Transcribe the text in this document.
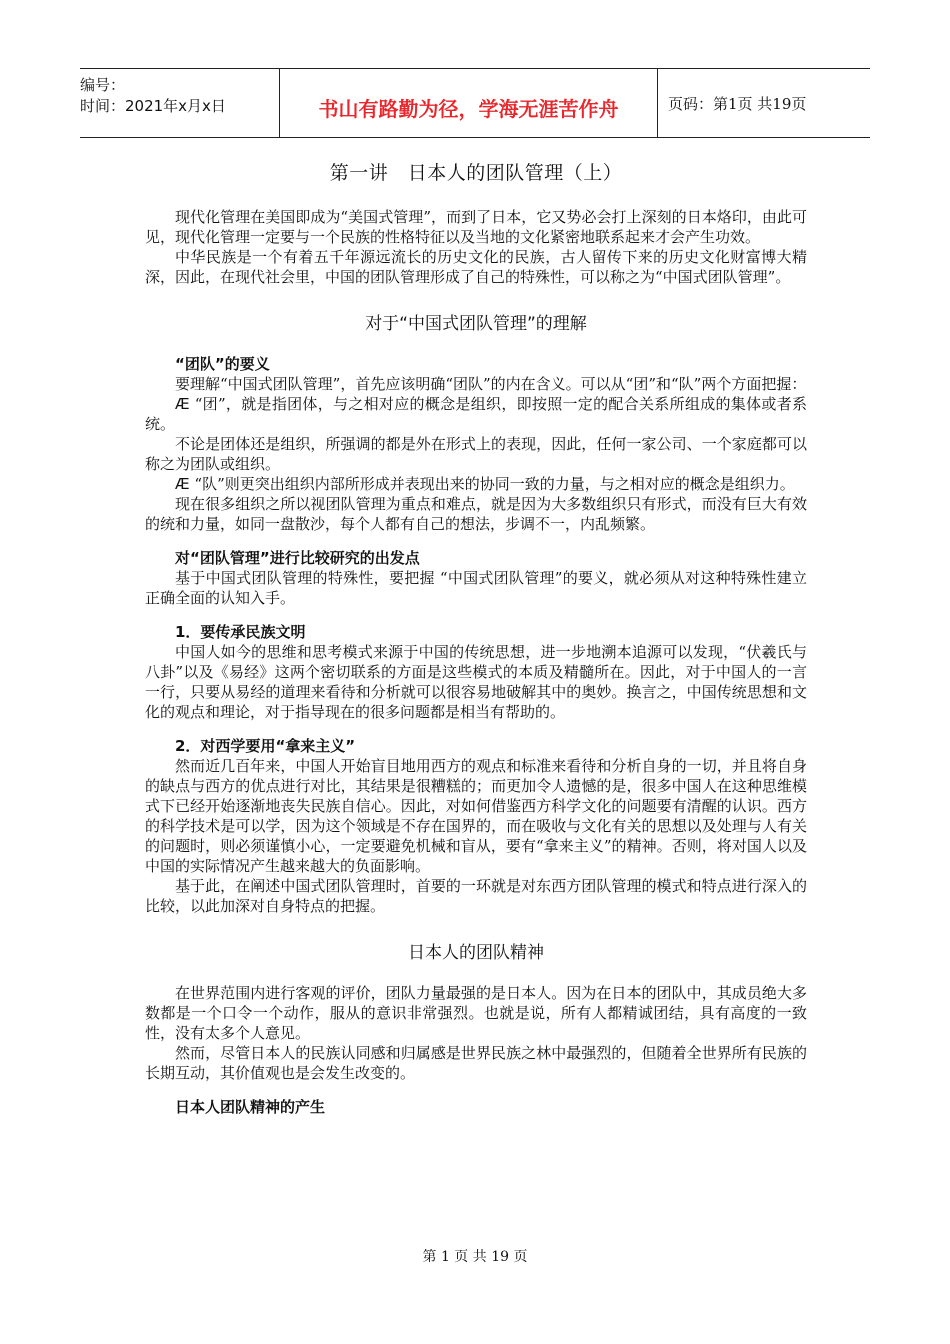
编号：
时间：2021年x月x日	书山有路勤为径，学海无涯苦作舟	页码：第1页 共19页
第一讲　日本人的团队管理（上）

现代化管理在美国即成为“美国式管理”，而到了日本，它又势必会打上深刻的日本烙印，由此可见，现代化管理一定要与一个民族的性格特征以及当地的文化紧密地联系起来才会产生功效。

中华民族是一个有着五千年源远流长的历史文化的民族，古人留传下来的历史文化财富博大精深，因此，在现代社会里，中国的团队管理形成了自己的特殊性，可以称之为“中国式团队管理”。

对于“中国式团队管理”的理解
“团队”的要义

要理解“中国式团队管理”，首先应该明确“团队”的内在含义。可以从“团”和“队”两个方面把握：

Æ “团”，就是指团体，与之相对应的概念是组织，即按照一定的配合关系所组成的集体或者系统。

不论是团体还是组织，所强调的都是外在形式上的表现，因此，任何一家公司、一个家庭都可以称之为团队或组织。

Æ “队”则更突出组织内部所形成并表现出来的协同一致的力量，与之相对应的概念是组织力。

现在很多组织之所以视团队管理为重点和难点，就是因为大多数组织只有形式，而没有巨大有效的统和力量，如同一盘散沙，每个人都有自己的想法，步调不一，内乱频繁。

对“团队管理”进行比较研究的出发点

基于中国式团队管理的特殊性，要把握 “中国式团队管理”的要义，就必须从对这种特殊性建立正确全面的认知入手。

1．要传承民族文明

中国人如今的思维和思考模式来源于中国的传统思想，进一步地溯本追源可以发现，“伏羲氏与八卦”以及《易经》这两个密切联系的方面是这些模式的本质及精髓所在。因此，对于中国人的一言一行，只要从易经的道理来看待和分析就可以很容易地破解其中的奥妙。换言之，中国传统思想和文化的观点和理论，对于指导现在的很多问题都是相当有帮助的。

2．对西学要用“拿来主义”

然而近几百年来，中国人开始盲目地用西方的观点和标准来看待和分析自身的一切，并且将自身的缺点与西方的优点进行对比，其结果是很糟糕的；而更加令人遗憾的是，很多中国人在这种思维模式下已经开始逐渐地丧失民族自信心。因此，对如何借鉴西方科学文化的问题要有清醒的认识。西方的科学技术是可以学，因为这个领域是不存在国界的，而在吸收与文化有关的思想以及处理与人有关的问题时，则必须谨慎小心，一定要避免机械和盲从，要有“拿来主义”的精神。否则，将对国人以及中国的实际情况产生越来越大的负面影响。

基于此，在阐述中国式团队管理时，首要的一环就是对东西方团队管理的模式和特点进行深入的比较，以此加深对自身特点的把握。

日本人的团队精神

在世界范围内进行客观的评价，团队力量最强的是日本人。因为在日本的团队中，其成员绝大多数都是一个口令一个动作，服从的意识非常强烈。也就是说，所有人都精诚团结，具有高度的一致性，没有太多个人意见。

然而，尽管日本人的民族认同感和归属感是世界民族之林中最强烈的，但随着全世界所有民族的长期互动，其价值观也是会发生改变的。

日本人团队精神的产生
第 1 页 共 19 页
